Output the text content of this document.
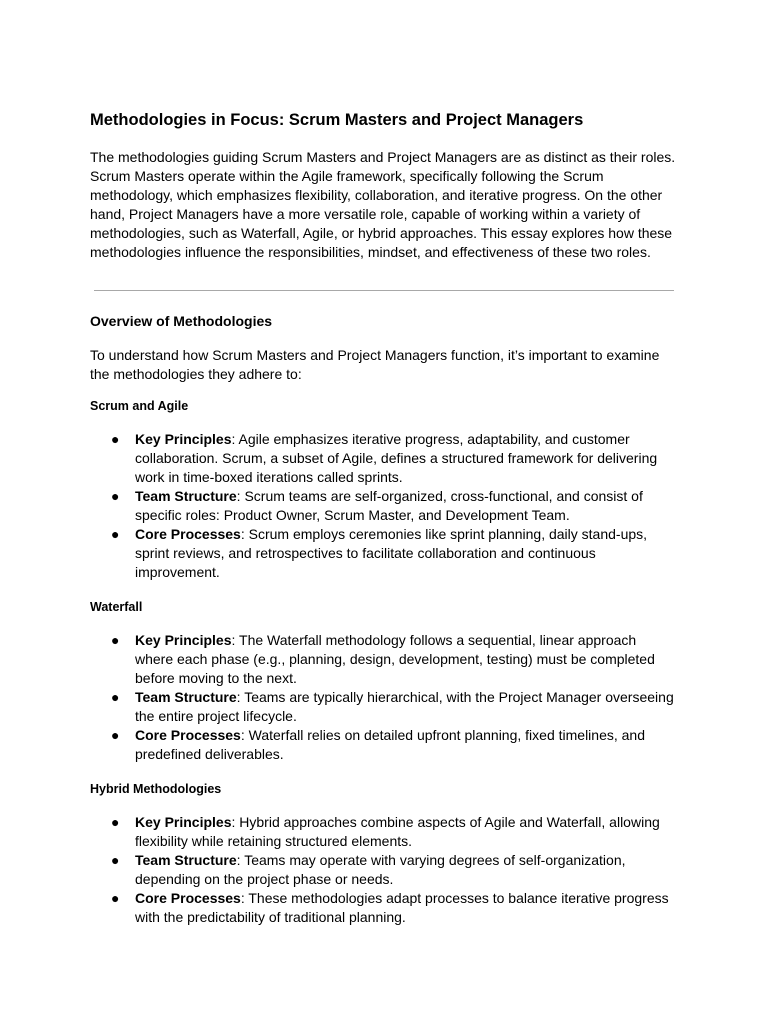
Methodologies in Focus: Scrum Masters and Project Managers

The methodologies guiding Scrum Masters and Project Managers are as distinct as their roles. Scrum Masters operate within the Agile framework, specifically following the Scrum methodology, which emphasizes flexibility, collaboration, and iterative progress. On the other hand, Project Managers have a more versatile role, capable of working within a variety of methodologies, such as Waterfall, Agile, or hybrid approaches. This essay explores how these methodologies influence the responsibilities, mindset, and effectiveness of these two roles.

Overview of Methodologies

To understand how Scrum Masters and Project Managers function, it’s important to examine the methodologies they adhere to:

Scrum and Agile
● Key Principles: Agile emphasizes iterative progress, adaptability, and customer collaboration. Scrum, a subset of Agile, defines a structured framework for delivering work in time-boxed iterations called sprints.
● Team Structure: Scrum teams are self-organized, cross-functional, and consist of specific roles: Product Owner, Scrum Master, and Development Team.
● Core Processes: Scrum employs ceremonies like sprint planning, daily stand-ups, sprint reviews, and retrospectives to facilitate collaboration and continuous improvement.
Waterfall
● Key Principles: The Waterfall methodology follows a sequential, linear approach where each phase (e.g., planning, design, development, testing) must be completed before moving to the next.
● Team Structure: Teams are typically hierarchical, with the Project Manager overseeing the entire project lifecycle.
● Core Processes: Waterfall relies on detailed upfront planning, fixed timelines, and predefined deliverables.
Hybrid Methodologies
● Key Principles: Hybrid approaches combine aspects of Agile and Waterfall, allowing flexibility while retaining structured elements.
● Team Structure: Teams may operate with varying degrees of self-organization, depending on the project phase or needs.
● Core Processes: These methodologies adapt processes to balance iterative progress with the predictability of traditional planning.
